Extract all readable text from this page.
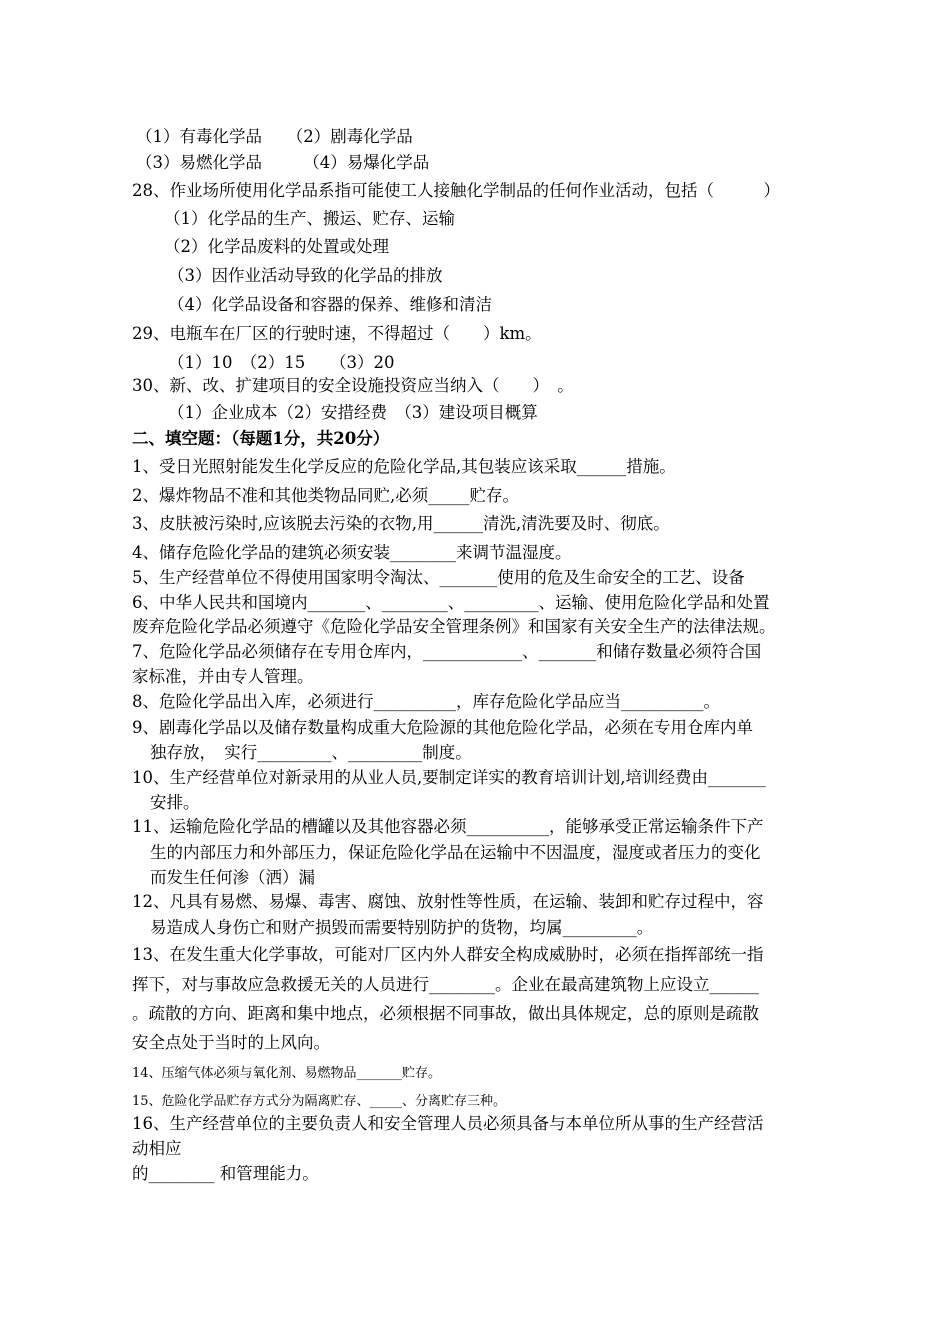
（1）有毒化学品　　（2）剧毒化学品
（3）易燃化学品　　　（4）易爆化学品
28、作业场所使用化学品系指可能使工人接触化学制品的任何作业活动，包括（　　　）
（1）化学品的生产、搬运、贮存、运输
（2）化学品废料的处置或处理
（3）因作业活动导致的化学品的排放
（4）化学品设备和容器的保养、维修和清洁
29、电瓶车在厂区的行驶时速，不得超过（　　）km。
（1）10　（2）15　　（3）20
30、新、改、扩建项目的安全设施投资应当纳入（　　）　。
（1）企业成本（2）安措经费　（3）建设项目概算
二、填空题：（每题1分，共20分）
1、受日光照射能发生化学反应的危险化学品,其包装应该采取______措施。
2、爆炸物品不准和其他类物品同贮,必须_____贮存。
3、皮肤被污染时,应该脱去污染的衣物,用______清洗,清洗要及时、彻底。
4、储存危险化学品的建筑必须安装________来调节温湿度。
5、生产经营单位不得使用国家明令淘汰、_______使用的危及生命安全的工艺、设备
6、中华人民共和国境内_______、________、_________、运输、使用危险化学品和处置
废弃危险化学品必须遵守《危险化学品安全管理条例》和国家有关安全生产的法律法规。
7、危险化学品必须储存在专用仓库内，____________、_______和储存数量必须符合国
家标准，并由专人管理。
8、危险化学品出入库，必须进行__________，库存危险化学品应当__________。
9、剧毒化学品以及储存数量构成重大危险源的其他危险化学品，必须在专用仓库内单
独存放，　实行_________、_________制度。
10、生产经营单位对新录用的从业人员,要制定详实的教育培训计划,培训经费由_______
安排。
11、运输危险化学品的槽罐以及其他容器必须__________，能够承受正常运输条件下产
生的内部压力和外部压力，保证危险化学品在运输中不因温度，湿度或者压力的变化
而发生任何渗（洒）漏
12、凡具有易燃、易爆、毒害、腐蚀、放射性等性质，在运输、装卸和贮存过程中，容
易造成人身伤亡和财产损毁而需要特别防护的货物，均属_________。
13、在发生重大化学事故，可能对厂区内外人群安全构成威胁时，必须在指挥部统一指
挥下，对与事故应急救援无关的人员进行________。企业在最高建筑物上应设立______
。疏散的方向、距离和集中地点，必须根据不同事故，做出具体规定，总的原则是疏散
安全点处于当时的上风向。
14、压缩气体必须与氧化剂、易燃物品_______贮存。
15、危险化学品贮存方式分为隔离贮存、_____、分离贮存三种。
16、生产经营单位的主要负责人和安全管理人员必须具备与本单位所从事的生产经营活
动相应
的________ 和管理能力。
